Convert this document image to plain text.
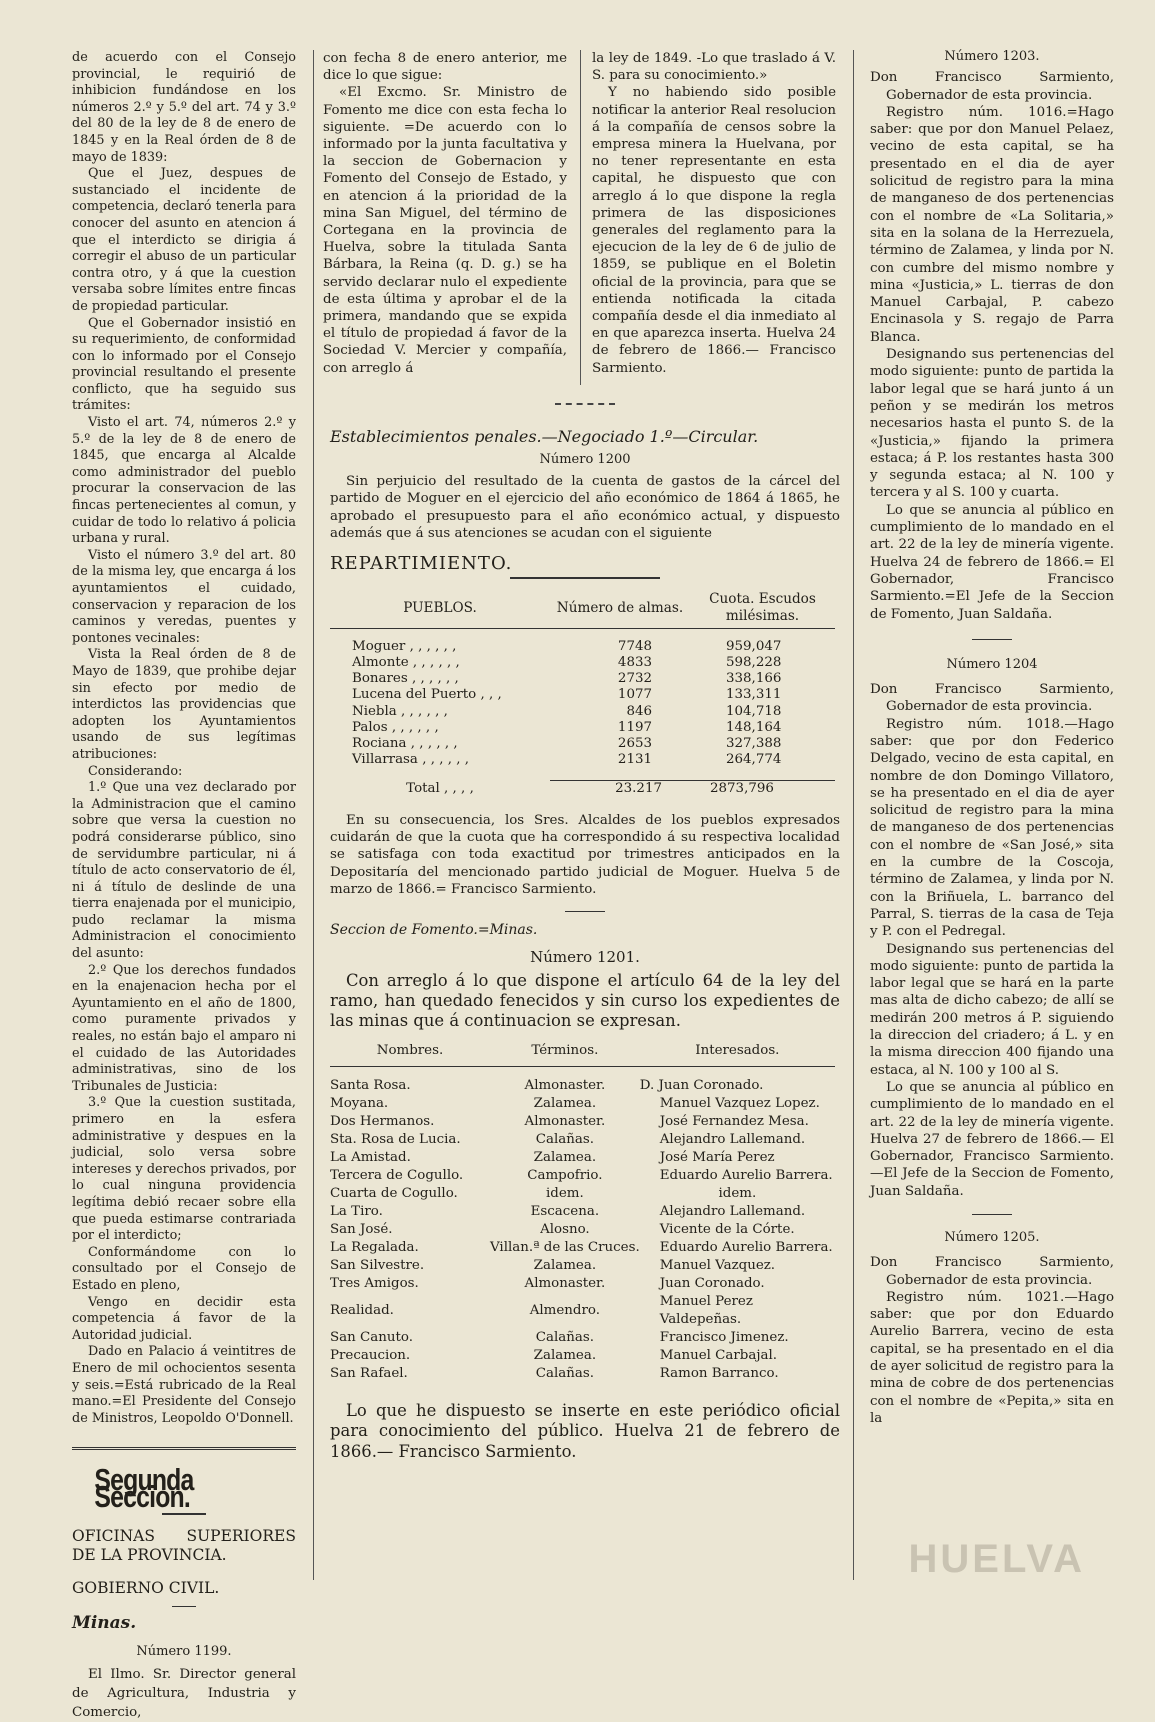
de acuerdo con el Consejo provincial, le requirió de inhibicion fundándose en los números 2.º y 5.º del art. 74 y 3.º del 80 de la ley de 8 de enero de 1845 y en la Real órden de 8 de mayo de 1839:

Que el Juez, despues de sustanciado el incidente de competencia, declaró tenerla para conocer del asunto en atencion á que el interdicto se dirigia á corregir el abuso de un particular contra otro, y á que la cuestion versaba sobre límites entre fincas de propiedad particular.

Que el Gobernador insistió en su requerimiento, de conformidad con lo informado por el Consejo provincial resultando el presente conflicto, que ha seguido sus trámites:

Visto el art. 74, números 2.º y 5.º de la ley de 8 de enero de 1845, que encarga al Alcalde como administrador del pueblo procurar la conservacion de las fincas pertenecientes al comun, y cuidar de todo lo relativo á policia urbana y rural.

Visto el número 3.º del art. 80 de la misma ley, que encarga á los ayuntamientos el cuidado, conservacion y reparacion de los caminos y veredas, puentes y pontones vecinales:

Vista la Real órden de 8 de Mayo de 1839, que prohibe dejar sin efecto por medio de interdictos las providencias que adopten los Ayuntamientos usando de sus legítimas atribuciones:

Considerando:

1.º Que una vez declarado por la Administracion que el camino sobre que versa la cuestion no podrá considerarse público, sino de servidumbre particular, ni á título de acto conservatorio de él, ni á título de deslinde de una tierra enajenada por el municipio, pudo reclamar la misma Administracion el conocimiento del asunto:

2.º Que los derechos fundados en la enajenacion hecha por el Ayuntamiento en el año de 1800, como puramente privados y reales, no están bajo el amparo ni el cuidado de las Autoridades administrativas, sino de los Tribunales de Justicia:

3.º Que la cuestion sustitada, primero en la esfera administrative y despues en la judicial, solo versa sobre intereses y derechos privados, por lo cual ninguna providencia legítima debió recaer sobre ella que pueda estimarse contrariada por el interdicto;

Conformándome con lo consultado por el Consejo de Estado en pleno,

Vengo en decidir esta competencia á favor de la Autoridad judicial.

Dado en Palacio á veintitres de Enero de mil ochocientos sesenta y seis.=Está rubricado de la Real mano.=El Presidente del Consejo de Ministros, Leopoldo O'Donnell.

Segunda Seccion.

OFICINAS SUPERIORES DE LA PROVINCIA.

GOBIERNO CIVIL.

Minas.

Número 1199.

El Ilmo. Sr. Director general de Agricultura, Industria y Comercio,

con fecha 8 de enero anterior, me dice lo que sigue:

«El Excmo. Sr. Ministro de Fomento me dice con esta fecha lo siguiente. =De acuerdo con lo informado por la junta facultativa y la seccion de Gobernacion y Fomento del Consejo de Estado, y en atencion á la prioridad de la mina San Miguel, del término de Cortegana en la provincia de Huelva, sobre la titulada Santa Bárbara, la Reina (q. D. g.) se ha servido declarar nulo el expediente de esta última y aprobar el de la primera, mandando que se expida el título de propiedad á favor de la Sociedad V. Mercier y compañía, con arreglo á

la ley de 1849. -Lo que traslado á V. S. para su conocimiento.»

Y no habiendo sido posible notificar la anterior Real resolucion á la compañía de censos sobre la empresa minera la Huelvana, por no tener representante en esta capital, he dispuesto que con arreglo á lo que dispone la regla primera de las disposiciones generales del reglamento para la ejecucion de la ley de 6 de julio de 1859, se publique en el Boletin oficial de la provincia, para que se entienda notificada la citada compañía desde el dia inmediato al en que aparezca inserta. Huelva 24 de febrero de 1866.— Francisco Sarmiento.

Establecimientos penales.—Negociado 1.º—Circular.

Número 1200

Sin perjuicio del resultado de la cuenta de gastos de la cárcel del partido de Moguer en el ejercicio del año económico de 1864 á 1865, he aprobado el presupuesto para el año económico actual, y dispuesto además que á sus atenciones se acudan con el siguiente

REPARTIMIENTO.

PUEBLOS.	Número de almas.	Cuota. Escudos milésimas.

Moguer , , , , , ,	7748	959,047
Almonte , , , , , ,	4833	598,228
Bonares , , , , , ,	2732	338,166
Lucena del Puerto , , ,	1077	133,311
Niebla , , , , , ,	846	104,718
Palos , , , , , ,	1197	148,164
Rociana , , , , , ,	2653	327,388
Villarrasa , , , , , ,	2131	264,774

Total , , , ,	23.217	2873,796

En su consecuencia, los Sres. Alcaldes de los pueblos expresados cuidarán de que la cuota que ha correspondido á su respectiva localidad se satisfaga con toda exactitud por trimestres anticipados en la Depositaría del mencionado partido judicial de Moguer. Huelva 5 de marzo de 1866.= Francisco Sarmiento.

Seccion de Fomento.=Minas.

Número 1201.

Con arreglo á lo que dispone el artículo 64 de la ley del ramo, han quedado fenecidos y sin curso los expedientes de las minas que á continuacion se expresan.

Nombres.	Términos.	Interesados.

Santa Rosa.	Almonaster.	D. Juan Coronado.
Moyana.	Zalamea.	Manuel Vazquez Lopez.
Dos Hermanos.	Almonaster.	José Fernandez Mesa.
Sta. Rosa de Lucia.	Calañas.	Alejandro Lallemand.
La Amistad.	Zalamea.	José María Perez
Tercera de Cogullo.	Campofrio.	Eduardo Aurelio Barrera.
Cuarta de Cogullo.	idem.	idem.
La Tiro.	Escacena.	Alejandro Lallemand.
San José.	Alosno.	Vicente de la Córte.
La Regalada.	Villan.ª de las Cruces.	Eduardo Aurelio Barrera.
San Silvestre.	Zalamea.	Manuel Vazquez.
Tres Amigos.	Almonaster.	Juan Coronado.
Realidad.	Almendro.	Manuel Perez Valdepeñas.
San Canuto.	Calañas.	Francisco Jimenez.
Precaucion.	Zalamea.	Manuel Carbajal.
San Rafael.	Calañas.	Ramon Barranco.

Lo que he dispuesto se inserte en este periódico oficial para conocimiento del público. Huelva 21 de febrero de 1866.— Francisco Sarmiento.

Número 1203.

Don Francisco Sarmiento, Gobernador de esta provincia.

Registro núm. 1016.=Hago saber: que por don Manuel Pelaez, vecino de esta capital, se ha presentado en el dia de ayer solicitud de registro para la mina de manganeso de dos pertenencias con el nombre de «La Solitaria,» sita en la solana de la Herrezuela, término de Zalamea, y linda por N. con cumbre del mismo nombre y mina «Justicia,» L. tierras de don Manuel Carbajal, P. cabezo Encinasola y S. regajo de Parra Blanca.

Designando sus pertenencias del modo siguiente: punto de partida la labor legal que se hará junto á un peñon y se medirán los metros necesarios hasta el punto S. de la «Justicia,» fijando la primera estaca; á P. los restantes hasta 300 y segunda estaca; al N. 100 y tercera y al S. 100 y cuarta.

Lo que se anuncia al público en cumplimiento de lo mandado en el art. 22 de la ley de minería vigente. Huelva 24 de febrero de 1866.= El Gobernador, Francisco Sarmiento.=El Jefe de la Seccion de Fomento, Juan Saldaña.

Número 1204

Don Francisco Sarmiento, Gobernador de esta provincia.

Registro núm. 1018.—Hago saber: que por don Federico Delgado, vecino de esta capital, en nombre de don Domingo Villatoro, se ha presentado en el dia de ayer solicitud de registro para la mina de manganeso de dos pertenencias con el nombre de «San José,» sita en la cumbre de la Coscoja, término de Zalamea, y linda por N. con la Briñuela, L. barranco del Parral, S. tierras de la casa de Teja y P. con el Pedregal.

Designando sus pertenencias del modo siguiente: punto de partida la labor legal que se hará en la parte mas alta de dicho cabezo; de allí se medirán 200 metros á P. siguiendo la direccion del criadero; á L. y en la misma direccion 400 fijando una estaca, al N. 100 y 100 al S.

Lo que se anuncia al público en cumplimiento de lo mandado en el art. 22 de la ley de minería vigente. Huelva 27 de febrero de 1866.— El Gobernador, Francisco Sarmiento.—El Jefe de la Seccion de Fomento, Juan Saldaña.

Número 1205.

Don Francisco Sarmiento, Gobernador de esta provincia.

Registro núm. 1021.—Hago saber: que por don Eduardo Aurelio Barrera, vecino de esta capital, se ha presentado en el dia de ayer solicitud de registro para la mina de cobre de dos pertenencias con el nombre de «Pepita,» sita en la

HUELVA
